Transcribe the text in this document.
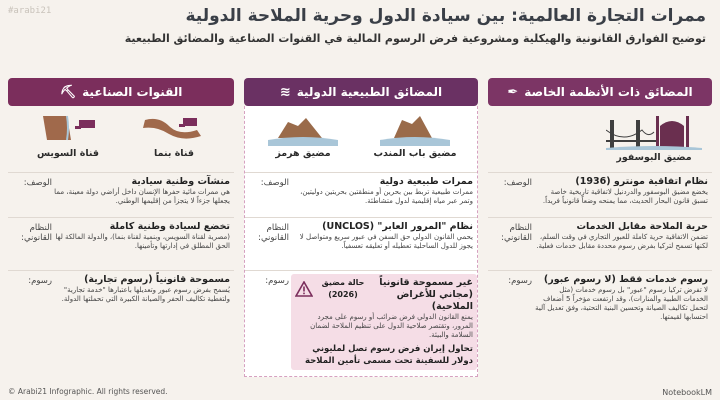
#arabi21	ممرات التجارة العالمية: بين سيادة الدول وحرية الملاحة الدولية
توضيح الفوارق القانونية والهيكلية ومشروعية فرض الرسوم المالية في القنوات الصناعية والمضائق الطبيعية
المضائق ذات الأنظمة الخاصة
✒
مضيق البوسفور
الوصف:	نظام اتفاقية مونترو (1936)
يخضع مضيق البوسفور والدردنيل لاتفاقية تاريخية خاصة تسبق قانون البحار الحديث، مما يمنحه وضعاً قانونياً فريداً.
النظام القانوني:
حرية الملاحة مقابل الخدمات
تضمن الاتفاقية حرية كاملة للعبور التجاري في وقت السلم، لكنها تسمح لتركيا بفرض رسوم محددة مقابل خدمات فعلية.
رسوم:	رسوم خدمات فقط (لا رسوم عبور)
لا تفرض تركيا رسوم "عبور" بل رسوم خدمات (مثل الخدمات الطبية والمنارات)، وقد ارتفعت مؤخراً 5 أضعاف لتحمل تكاليف الصيانة وتحسين البنية التحتية، وفق تعديل آلية احتسابها لقيمتها.
المضائق الطبيعية الدولية
≋
مضيق باب المندب
مضيق هرمز
الوصف:	ممرات طبيعية دولية
ممرات طبيعية تربط بين بحرين أو منطقتين بحريتين دوليتين، وتمر عبر مياه إقليمية لدول متشاطئة.
النظام القانوني:
نظام "المرور العابر" (UNCLOS)
يحمي القانون الدولي حق السفن في عبور سريع ومتواصل لا يجوز للدول الساحلية تعطيله أو تعليقه تعسفياً.
رسوم:	غير مسموحة قانونياً (مجاني للأغراض الملاحية)
حالة مضيق (2026)
يمنع القانون الدولي فرض ضرائب أو رسوم على مجرد المرور، وتقتصر صلاحية الدول على تنظيم الملاحة لضمان السلامة والبيئة.
تحاول إيران فرض رسوم تصل لمليوني دولار للسفينة تحت مسمى تأمين الملاحة
القنوات الصناعية
⛏
قناة بنما
قناة السويس
الوصف:	منشآت وطنية سيادية
هي ممرات مائية حفرها الإنسان داخل أراضي دولة معينة، مما يجعلها جزءاً لا يتجزأ من إقليمها الوطني.
النظام القانوني:
تخضع لسيادة وطنية كاملة
(مصرية لقناة السويس، وبنمية لقناة بنما)، والدولة المالكة لها الحق المطلق في إدارتها وتأمينها.
رسوم:	مسموحة قانونياً (رسوم تجارية)
يُسمح بفرض رسوم عبور وتعديلها باعتبارها "خدمة تجارية" ولتغطية تكاليف الحفر والصيانة الكبيرة التي تحملتها الدولة.
© Arabi21 Infographic. All rights reserved.	NotebookLM
